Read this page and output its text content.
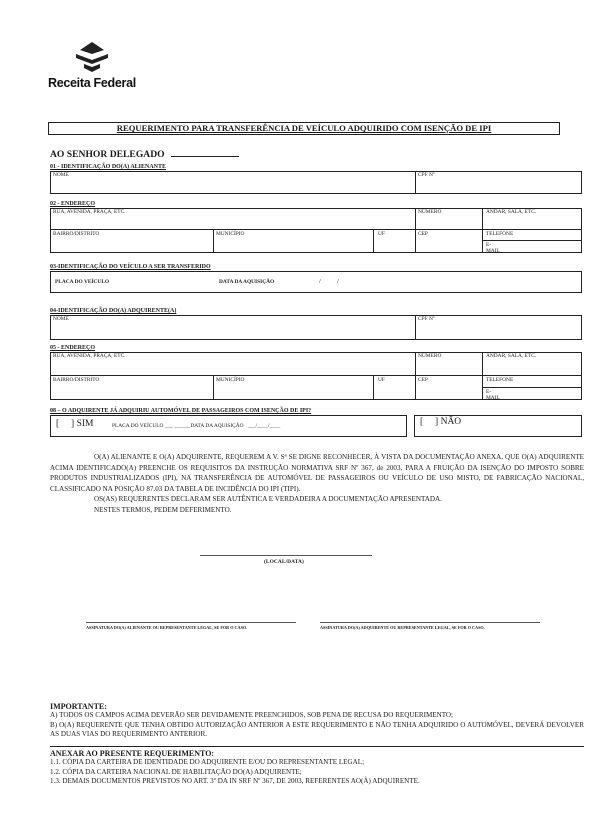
Receita Federal
REQUERIMENTO PARA TRANSFERÊNCIA DE VEÍCULO ADQUIRIDO COM ISENÇÃO DE IPI
AO SENHOR DELEGADO
01 - IDENTIFICAÇÃO DO(A) ALIENANTE
NOME	CPF Nº
02 - ENDEREÇO
RUA, AVENIDA, PRAÇA, ETC.	NÚMERO	ANDAR, SALA, ETC.
BAIRRO/DISTRITO	MUNICÍPIO	UF	CEP	TELEFONE
E-MAIL
03-IDENTIFICAÇÃO DO VEÍCULO A SER TRANSFERIDO
PLACA DO VEÍCULO	DATA DA AQUISIÇÃO	/          /
04-IDENTIFICAÇÃO DO(A) ADQUIRENTE(A)
NOME	CPF Nº
05 - ENDEREÇO
RUA, AVENIDA, PRAÇA, ETC.	NÚMERO	ANDAR, SALA, ETC.
BAIRRO/DISTRITO	MUNICÍPIO	UF	CEP	TELEFONE
E-MAIL
08 – O ADQUIRENTE JÁ ADQUIRIU AUTOMÓVEL DE PASSAGEIROS COM ISENÇÃO DE IPI?
[     ] SIM	PLACA DO VEÍCULO ___ ______DATA DA AQUISIÇÃO   ___/____/____	[     ] NÃO
O(A) ALIENANTE E O(A) ADQUIRENTE, REQUEREM A V. Sª SE DIGNE RECONHECER, À VISTA DA DOCUMENTAÇÃO ANEXA, QUE O(A) ADQUIRENTE ACIMA IDENTIFICADO(A) PREENCHE OS REQUISITOS DA INSTRUÇÃO NORMATIVA SRF Nº 367, de 2003, PARA A FRUIÇÃO DA ISENÇÃO DO IMPOSTO SOBRE PRODUTOS INDUSTRIALIZADOS (IPI), NA TRANSFERÊNCIA DE AUTOMÓVEL DE PASSAGEIROS OU VEÍCULO DE USO MISTO, DE FABRICAÇÃO NACIONAL, CLASSIFICADO NA POSIÇÃO 87.03 DA TABELA DE INCIDÊNCIA DO IPI (TIPI).
OS(AS) REQUERENTES DECLARAM SER AUTÊNTICA E VERDADEIRA A DOCUMENTAÇÃO APRESENTADA.
NESTES TERMOS, PEDEM DEFERIMENTO.
(LOCAL/DATA)
ASSINATURA DO(A) ALIENANTE OU REPRESENTANTE LEGAL, SE FOR O CASO.	ASSINATURA DO(A) ADQUIRENTE OU REPRESENTANTE LEGAL, SE FOR O CASO.
IMPORTANTE:
A) TODOS OS CAMPOS ACIMA DEVERÃO SER DEVIDAMENTE PREENCHIDOS, SOB PENA DE RECUSA DO REQUERIMENTO;
B) O(A) REQUERENTE QUE TENHA OBTIDO AUTORIZAÇÃO ANTERIOR A ESTE REQUERIMENTO E NÃO TENHA ADQUIRIDO O AUTOMÓVEL, DEVERÁ DEVOLVER AS DUAS VIAS DO REQUERIMENTO ANTERIOR.
ANEXAR AO PRESENTE REQUERIMENTO:
1.1. CÓPIA DA CARTEIRA DE IDENTIDADE DO ADQUIRENTE E/OU DO REPRESENTANTE LEGAL;
1.2. CÓPIA DA CARTEIRA NACIONAL DE HABILITAÇÃO DO(A) ADQUIRENTE;
1.3. DEMAIS DOCUMENTOS PREVISTOS NO ART. 3º DA IN SRF Nº 367, DE 2003, REFERENTES AO(À) ADQUIRENTE.
